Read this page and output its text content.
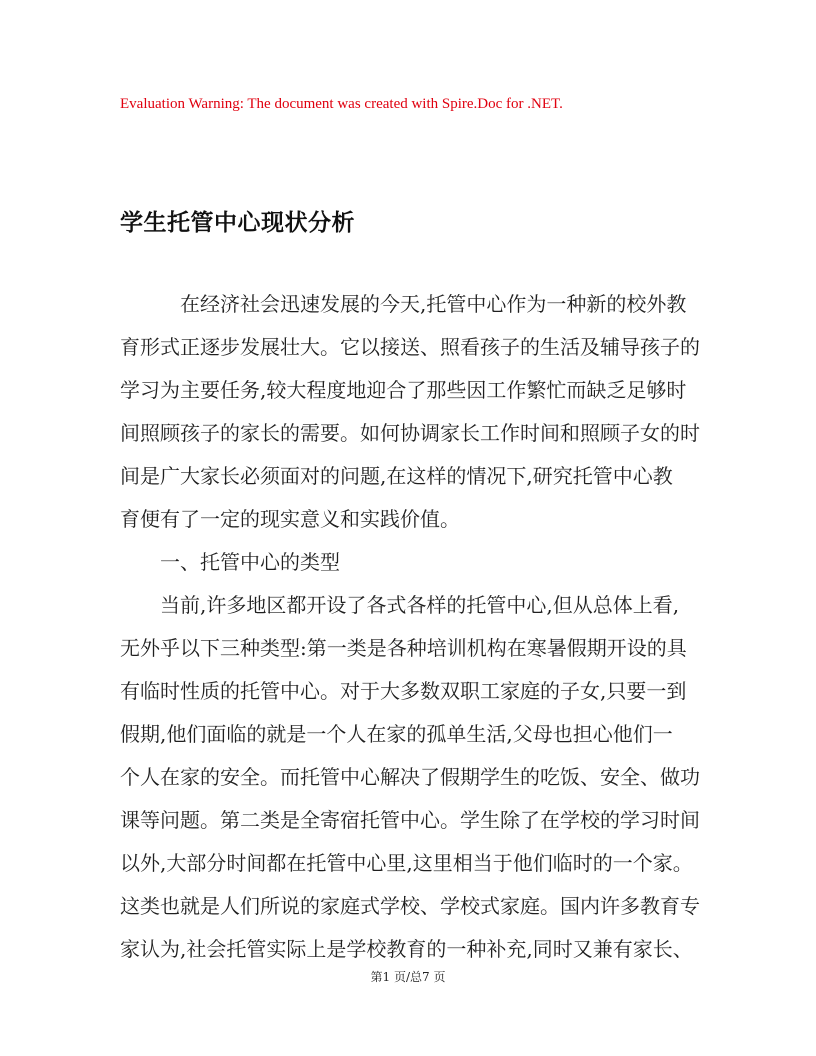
Evaluation Warning: The document was created with Spire.Doc for .NET.
学生托管中心现状分析
在经济社会迅速发展的今天,托管中心作为一种新的校外教
育形式正逐步发展壮大。它以接送、照看孩子的生活及辅导孩子的
学习为主要任务,较大程度地迎合了那些因工作繁忙而缺乏足够时
间照顾孩子的家长的需要。如何协调家长工作时间和照顾子女的时
间是广大家长必须面对的问题,在这样的情况下,研究托管中心教
育便有了一定的现实意义和实践价值。
一、托管中心的类型
当前,许多地区都开设了各式各样的托管中心,但从总体上看,
无外乎以下三种类型:第一类是各种培训机构在寒暑假期开设的具
有临时性质的托管中心。对于大多数双职工家庭的子女,只要一到
假期,他们面临的就是一个人在家的孤单生活,父母也担心他们一
个人在家的安全。而托管中心解决了假期学生的吃饭、安全、做功
课等问题。第二类是全寄宿托管中心。学生除了在学校的学习时间
以外,大部分时间都在托管中心里,这里相当于他们临时的一个家。
这类也就是人们所说的家庭式学校、学校式家庭。国内许多教育专
家认为,社会托管实际上是学校教育的一种补充,同时又兼有家长、
第1 页/总7 页
